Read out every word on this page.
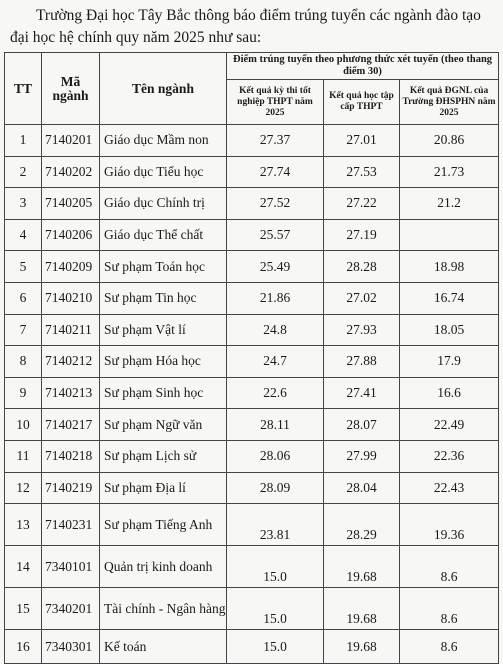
Trường Đại học Tây Bắc thông báo điểm trúng tuyển các ngành đào tạo đại học hệ chính quy năm 2025 như sau:
TT	Mã ngành	Tên ngành	Điểm trúng tuyển theo phương thức xét tuyển (theo thang điểm 30)		
			Kết quả kỳ thi tốt nghiệp THPT năm 2025	Kết quả học tập cấp THPT	Kết quả ĐGNL của Trường ĐHSPHN năm 2025
1	7140201	Giáo dục Mầm non	27.37	27.01	20.86
2	7140202	Giáo dục Tiểu học	27.74	27.53	21.73
3	7140205	Giáo dục Chính trị	27.52	27.22	21.2
4	7140206	Giáo dục Thể chất	25.57	27.19	
5	7140209	Sư phạm Toán học	25.49	28.28	18.98
6	7140210	Sư phạm Tin học	21.86	27.02	16.74
7	7140211	Sư phạm Vật lí	24.8	27.93	18.05
8	7140212	Sư phạm Hóa học	24.7	27.88	17.9
9	7140213	Sư phạm Sinh học	22.6	27.41	16.6
10	7140217	Sư phạm Ngữ văn	28.11	28.07	22.49
11	7140218	Sư phạm Lịch sử	28.06	27.99	22.36
12	7140219	Sư phạm Địa lí	28.09	28.04	22.43
13	7140231	Sư phạm Tiếng Anh	23.81	28.29	19.36
14	7340101	Quản trị kinh doanh	15.0	19.68	8.6
15	7340201	Tài chính - Ngân hàng	15.0	19.68	8.6
16	7340301	Kế toán	15.0	19.68	8.6
